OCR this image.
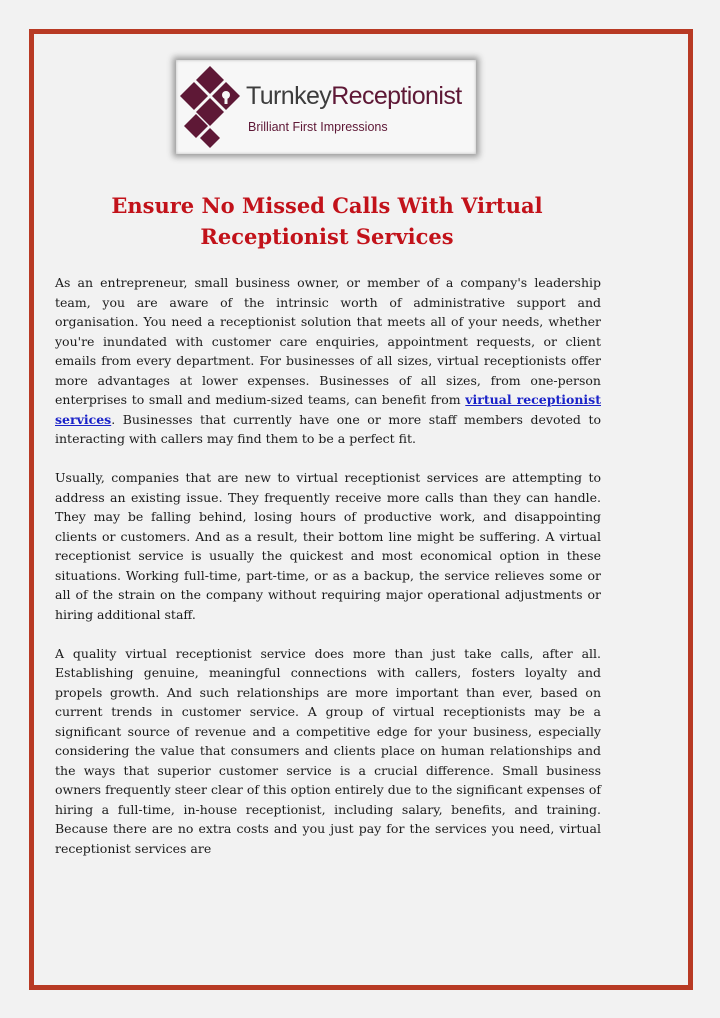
TurnkeyReceptionist
Brilliant First Impressions
Ensure No Missed Calls With Virtual
Receptionist Services

As an entrepreneur, small business owner, or member of a company's leadership team, you are aware of the intrinsic worth of administrative support and organisation. You need a receptionist solution that meets all of your needs, whether you're inundated with customer care enquiries, appointment requests, or client emails from every department. For businesses of all sizes, virtual receptionists offer more advantages at lower expenses. Businesses of all sizes, from one-person enterprises to small and medium-sized teams, can benefit from virtual receptionist services. Businesses that currently have one or more staff members devoted to interacting with callers may find them to be a perfect fit.

Usually, companies that are new to virtual receptionist services are attempting to address an existing issue. They frequently receive more calls than they can handle. They may be falling behind, losing hours of productive work, and disappointing clients or customers. And as a result, their bottom line might be suffering. A virtual receptionist service is usually the quickest and most economical option in these situations. Working full-time, part-time, or as a backup, the service relieves some or all of the strain on the company without requiring major operational adjustments or hiring additional staff.

A quality virtual receptionist service does more than just take calls, after all. Establishing genuine, meaningful connections with callers, fosters loyalty and propels growth. And such relationships are more important than ever, based on current trends in customer service. A group of virtual receptionists may be a significant source of revenue and a competitive edge for your business, especially considering the value that consumers and clients place on human relationships and the ways that superior customer service is a crucial difference. Small business owners frequently steer clear of this option entirely due to the significant expenses of hiring a full-time, in-house receptionist, including salary, benefits, and training. Because there are no extra costs and you just pay for the services you need, virtual receptionist services are
